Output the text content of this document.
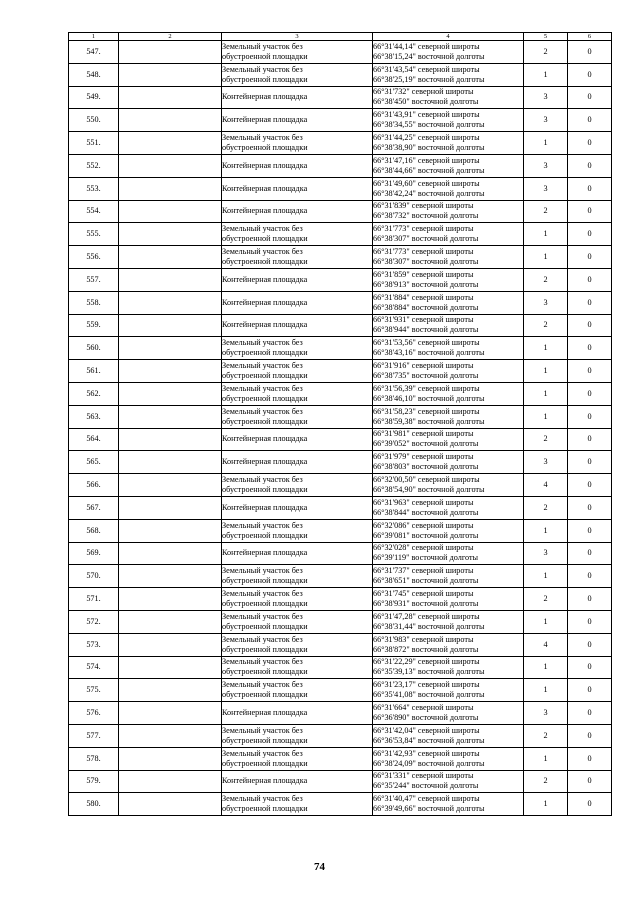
1	2	3	4	5	6
547.		Земельный участок без
обустроенной площадки	66°31'44,14" северной широты
66°38'15,24" восточной долготы	2	0
548.		Земельный участок без
обустроенной площадки	66°31'43,54" северной широты
66°38'25,19" восточной долготы	1	0
549.		Контейнерная площадка	66°31'732" северной широты
66°38'450" восточной долготы	3	0
550.		Контейнерная площадка	66°31'43,91" северной широты
66°38'34,55" восточной долготы	3	0
551.		Земельный участок без
обустроенной площадки	66°31'44,25" северной широты
66°38'38,90" восточной долготы	1	0
552.		Контейнерная площадка	66°31'47,16" северной широты
66°38'44,66" восточной долготы	3	0
553.		Контейнерная площадка	66°31'49,60" северной широты
66°38'42,24" восточной долготы	3	0
554.		Контейнерная площадка	66°31'839" северной широты
66°38'732" восточной долготы	2	0
555.		Земельный участок без
обустроенной площадки	66°31'773" северной широты
66°38'307" восточной долготы	1	0
556.		Земельный участок без
обустроенной площадки	66°31'773" северной широты
66°38'307" восточной долготы	1	0
557.		Контейнерная площадка	66°31'859" северной широты
66°38'913" восточной долготы	2	0
558.		Контейнерная площадка	66°31'884" северной широты
66°38'884" восточной долготы	3	0
559.		Контейнерная площадка	66°31'931" северной широты
66°38'944" восточной долготы	2	0
560.		Земельный участок без
обустроенной площадки	66°31'53,56" северной широты
66°38'43,16" восточной долготы	1	0
561.		Земельный участок без
обустроенной площадки	66°31'916" северной широты
66°38'735" восточной долготы	1	0
562.		Земельный участок без
обустроенной площадки	66°31'56,39" северной широты
66°38'46,10" восточной долготы	1	0
563.		Земельный участок без
обустроенной площадки	66°31'58,23" северной широты
66°38'59,38" восточной долготы	1	0
564.		Контейнерная площадка	66°31'981" северной широты
66°39'052" восточной долготы	2	0
565.		Контейнерная площадка	66°31'979" северной широты
66°38'803" восточной долготы	3	0
566.		Земельный участок без
обустроенной площадки	66°32'00,50" северной широты
66°38'54,90" восточной долготы	4	0
567.		Контейнерная площадка	66°31'963" северной широты
66°38'844" восточной долготы	2	0
568.		Земельный участок без
обустроенной площадки	66°32'086" северной широты
66°39'081" восточной долготы	1	0
569.		Контейнерная площадка	66°32'028" северной широты
66°39'119" восточной долготы	3	0
570.		Земельный участок без
обустроенной площадки	66°31'737" северной широты
66°38'651" восточной долготы	1	0
571.		Земельный участок без
обустроенной площадки	66°31'745" северной широты
66°38'931" восточной долготы	2	0
572.		Земельный участок без
обустроенной площадки	66°31'47,28" северной широты
66°38'31,44" восточной долготы	1	0
573.		Земельный участок без
обустроенной площадки	66°31'983" северной широты
66°38'872" восточной долготы	4	0
574.		Земельный участок без
обустроенной площадки	66°31'22,29" северной широты
66°35'39,13" восточной долготы	1	0
575.		Земельный участок без
обустроенной площадки	66°31'23,17" северной широты
66°35'41,08" восточной долготы	1	0
576.		Контейнерная площадка	66°31'664" северной широты
66°36'890" восточной долготы	3	0
577.		Земельный участок без
обустроенной площадки	66°31'42,04" северной широты
66°36'53,84" восточной долготы	2	0
578.		Земельный участок без
обустроенной площадки	66°31'42,93" северной широты
66°38'24,09" восточной долготы	1	0
579.		Контейнерная площадка	66°31'331" северной широты
66°35'244" восточной долготы	2	0
580.		Земельный участок без
обустроенной площадки	66°31'40,47" северной широты
66°39'49,66" восточной долготы	1	0
74
